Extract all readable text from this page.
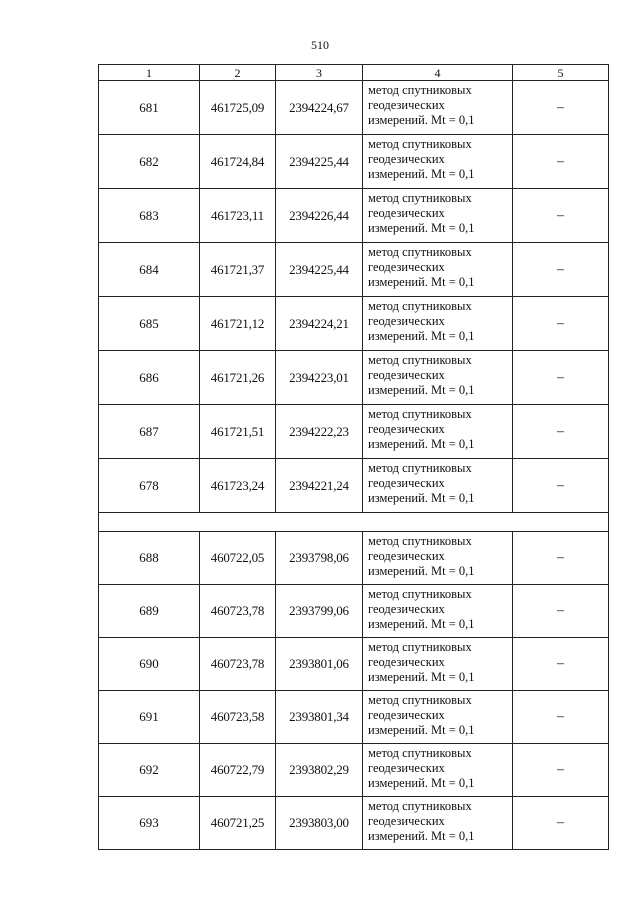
510
1	2	3	4	5
681	461725,09	2394224,67	метод спутниковых
геодезических
измерений. Mt = 0,1	–
682	461724,84	2394225,44	метод спутниковых
геодезических
измерений. Mt = 0,1	–
683	461723,11	2394226,44	метод спутниковых
геодезических
измерений. Mt = 0,1	–
684	461721,37	2394225,44	метод спутниковых
геодезических
измерений. Mt = 0,1	–
685	461721,12	2394224,21	метод спутниковых
геодезических
измерений. Mt = 0,1	–
686	461721,26	2394223,01	метод спутниковых
геодезических
измерений. Mt = 0,1	–
687	461721,51	2394222,23	метод спутниковых
геодезических
измерений. Mt = 0,1	–
678	461723,24	2394221,24	метод спутниковых
геодезических
измерений. Mt = 0,1	–

688	460722,05	2393798,06	метод спутниковых
геодезических
измерений. Mt = 0,1	–
689	460723,78	2393799,06	метод спутниковых
геодезических
измерений. Mt = 0,1	–
690	460723,78	2393801,06	метод спутниковых
геодезических
измерений. Mt = 0,1	–
691	460723,58	2393801,34	метод спутниковых
геодезических
измерений. Mt = 0,1	–
692	460722,79	2393802,29	метод спутниковых
геодезических
измерений. Mt = 0,1	–
693	460721,25	2393803,00	метод спутниковых
геодезических
измерений. Mt = 0,1	–
